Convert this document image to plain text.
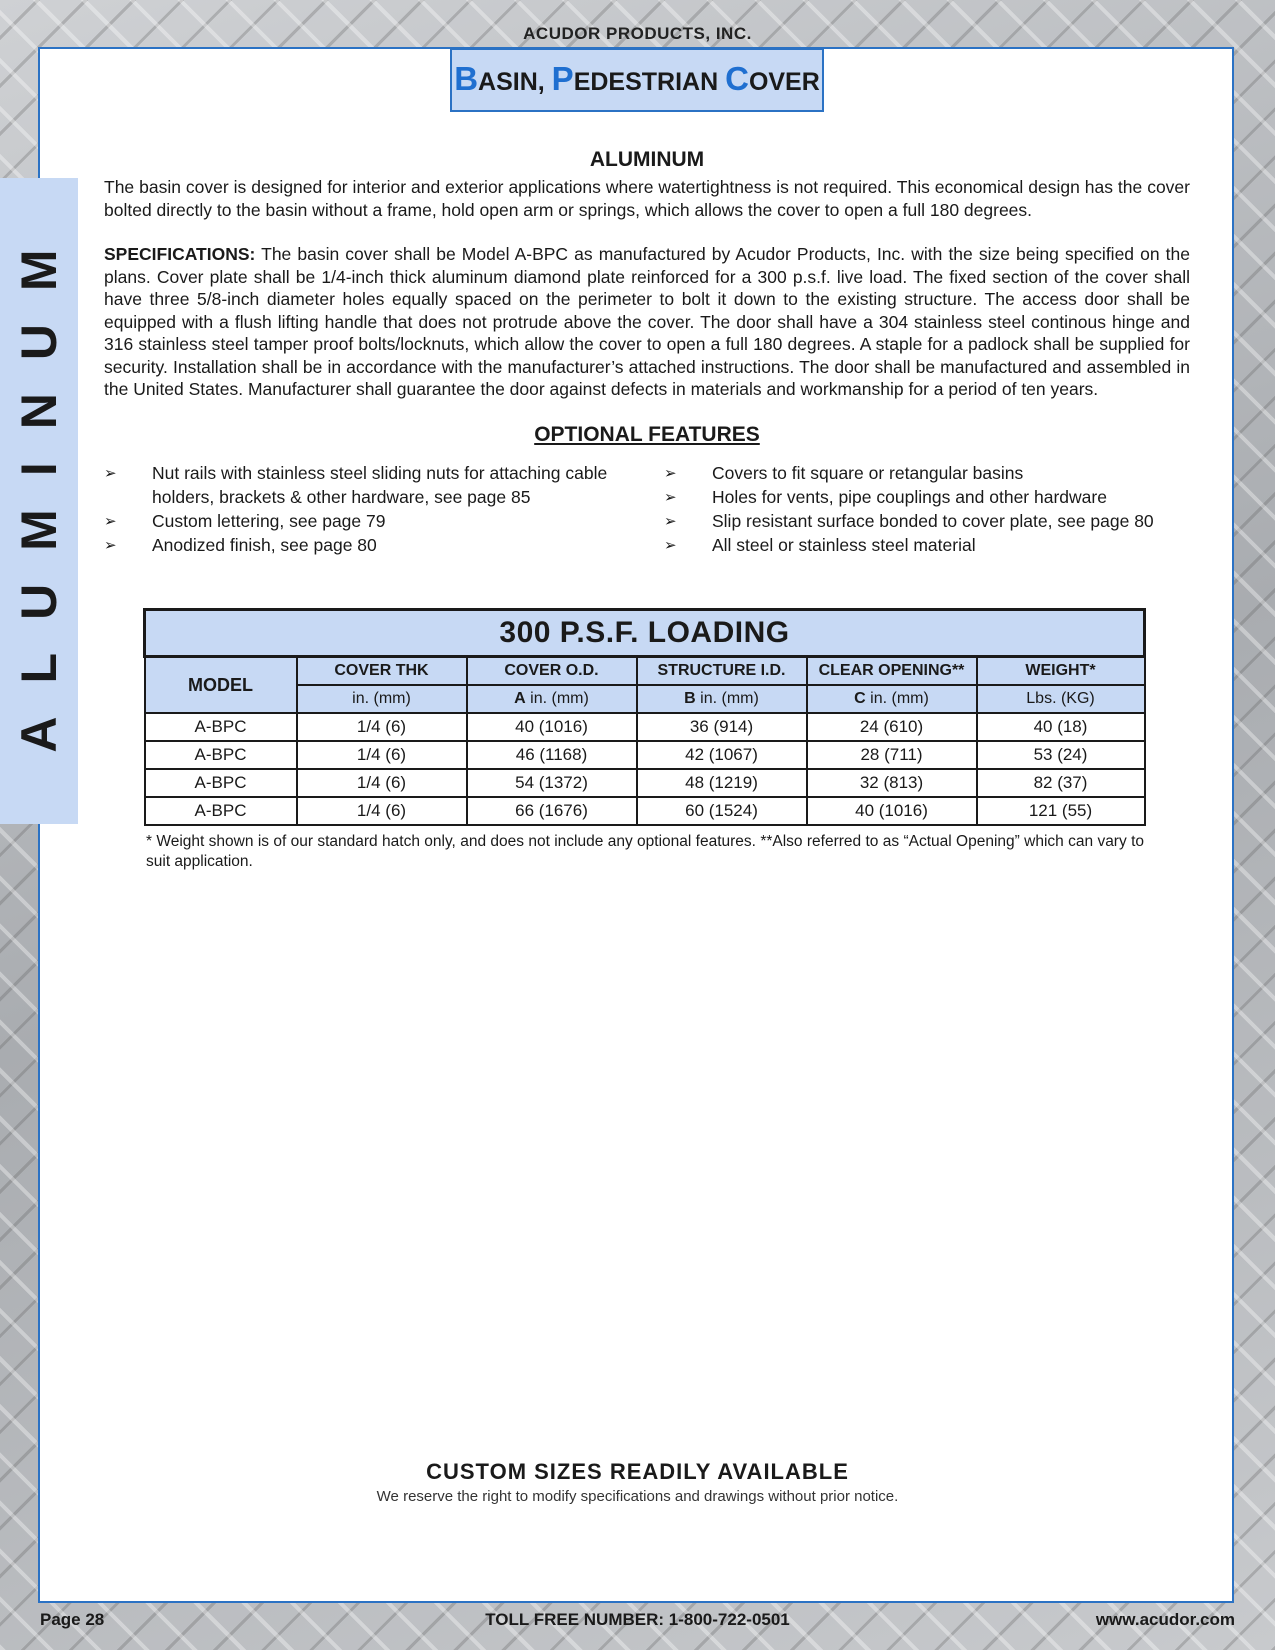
ACUDOR PRODUCTS, INC.
BASIN, PEDESTRIAN COVER
ALUMINUM
ALUMINUM

The basin cover is designed for interior and exterior applications where watertightness is not required. This economical design has the cover bolted directly to the basin without a frame, hold open arm or springs, which allows the cover to open a full 180 degrees.

SPECIFICATIONS: The basin cover shall be Model A-BPC as manufactured by Acudor Products, Inc. with the size being specified on the plans. Cover plate shall be 1/4-inch thick aluminum diamond plate reinforced for a 300 p.s.f. live load. The fixed section of the cover shall have three 5/8-inch diameter holes equally spaced on the perimeter to bolt it down to the existing structure. The access door shall be equipped with a flush lifting handle that does not protrude above the cover. The door shall have a 304 stainless steel continous hinge and 316 stainless steel tamper proof bolts/locknuts, which allow the cover to open a full 180 degrees. A staple for a padlock shall be supplied for security. Installation shall be in accordance with the manufacturer’s attached instructions. The door shall be manufactured and assembled in the United States. Manufacturer shall guarantee the door against defects in materials and workmanship for a period of ten years.

OPTIONAL FEATURES
➢	Nut rails with stainless steel sliding nuts for attaching cable holders, brackets & other hardware, see page 85
➢	Custom lettering, see page 79
➢	Anodized finish, see page 80
➢	Covers to fit square or retangular basins
➢	Holes for vents, pipe couplings and other hardware
➢	Slip resistant surface bonded to cover plate, see page 80
➢	All steel or stainless steel material
300 P.S.F. LOADING					
MODEL	COVER THK	COVER O.D.	STRUCTURE I.D.	CLEAR OPENING**	WEIGHT*
	in. (mm)	A in. (mm)	B in. (mm)	C in. (mm)	Lbs. (KG)
A-BPC	1/4 (6)	40 (1016)	36 (914)	24 (610)	40 (18)
A-BPC	1/4 (6)	46 (1168)	42 (1067)	28 (711)	53 (24)
A-BPC	1/4 (6)	54 (1372)	48 (1219)	32 (813)	82 (37)
A-BPC	1/4 (6)	66 (1676)	60 (1524)	40 (1016)	121 (55)
* Weight shown is of our standard hatch only, and does not include any optional features. **Also referred to as “Actual Opening” which can vary to suit application.
CUSTOM SIZES READILY AVAILABLE
We reserve the right to modify specifications and drawings without prior notice.
Page 28	TOLL FREE NUMBER: 1-800-722-0501	www.acudor.com
